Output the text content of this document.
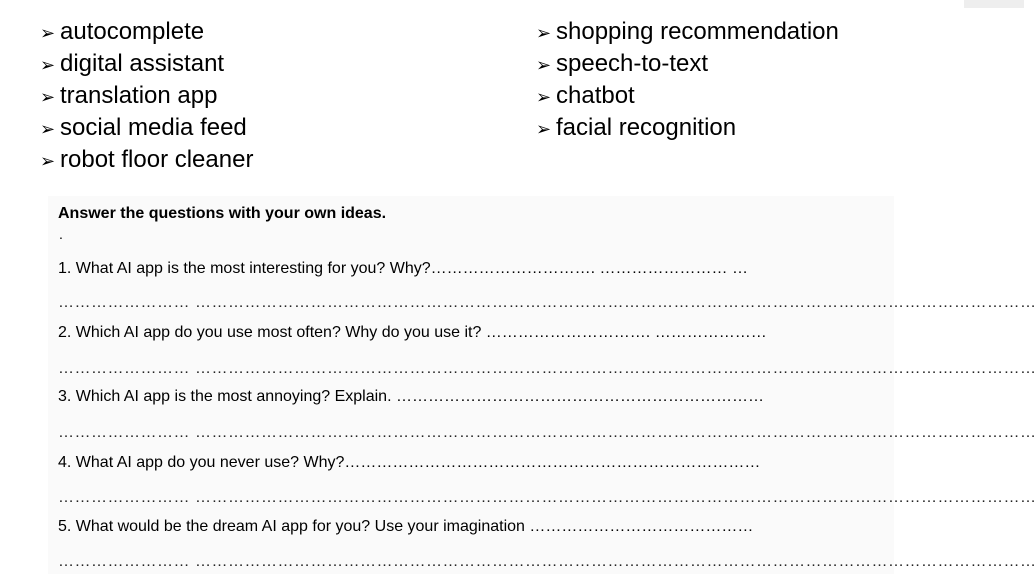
➢ autocomplete
➢ digital assistant
➢ translation app
➢ social media feed
➢ robot floor cleaner
➢ shopping recommendation
➢ speech-to-text
➢ chatbot
➢ facial recognition
Answer the questions with your own ideas.
.
1. What AI app is the most interesting for you? Why?…………………………. …………………… …
…………………… ………………………………………………………………………………………………………………………………………
2. Which AI app do you use most often? Why do you use it? …………………………. …………………
…………………… ………………………………………………………………………………………………………………………………………
3. Which AI app is the most annoying? Explain. ……………………………………………………………
…………………… ………………………………………………………………………………………………………………………………………
4. What AI app do you never use? Why?……………………………………………………………………
…………………… ………………………………………………………………………………………………………………………………………
5. What would be the dream AI app for you? Use your imagination ……………………………………
…………………… ………………………………………………………………………………………………………………………………………
